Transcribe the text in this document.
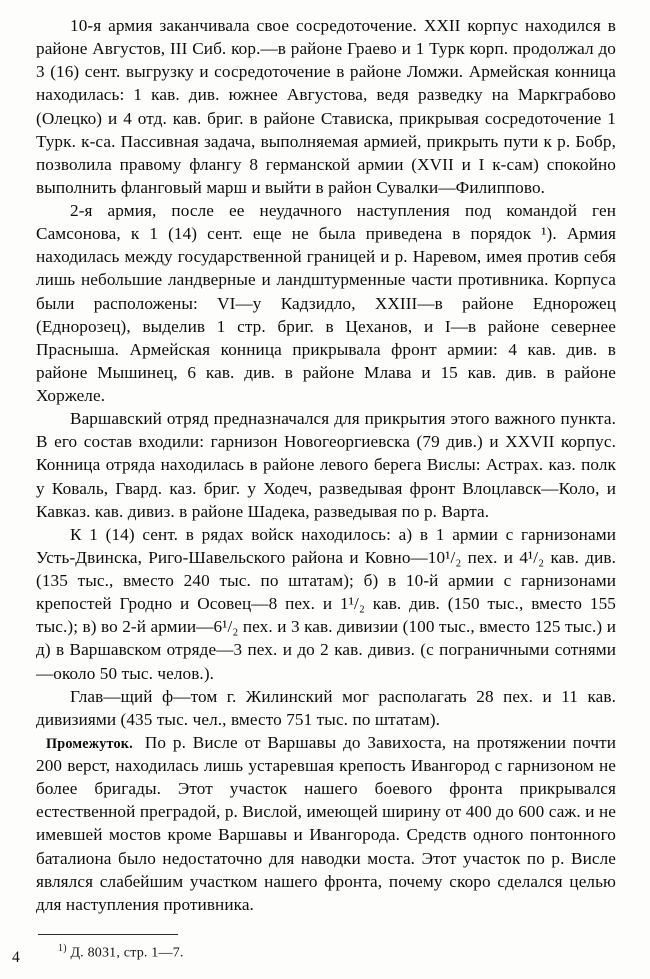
10-я армия заканчивала свое сосредоточение. XXII корпус находился в районе Августов, III Сиб. кор.—в районе Граево и 1 Турк корп. продолжал до 3 (16) сент. выгрузку и сосредоточение в районе Ломжи. Армейская конница находилась: 1 кав. див. южнее Августова, ведя разведку на Маркграбово (Олецко) и 4 отд. кав. бриг. в районе Стависка, прикрывая сосредоточение 1 Турк. к-са. Пассивная задача, выполняемая армией, прикрыть пути к р. Бобр, позволила правому флангу 8 германской армии (XVII и I к-сам) спокойно выполнить фланговый марш и выйти в район Сувалки—Филиппово.

2-я армия, после ее неудачного наступления под командой ген Самсонова, к 1 (14) сент. еще не была приведена в порядок ¹). Армия находилась между государственной границей и р. Наревом, имея против себя лишь небольшие ландверные и ландштурменные части противника. Корпуса были расположены: VI—у Кадзидло, XXIII—в районе Еднорожец (Еднорозец), выделив 1 стр. бриг. в Цеханов, и I—в районе севернее Прасныша. Армейская конница прикрывала фронт армии: 4 кав. див. в районе Мышинец, 6 кав. див. в районе Млава и 15 кав. див. в районе Хоржеле.

Варшавский отряд предназначался для прикрытия этого важного пункта. В его состав входили: гарнизон Новогеоргиевска (79 див.) и XXVII корпус. Конница отряда находилась в районе левого берега Вислы: Астрах. каз. полк у Коваль, Гвард. каз. бриг. у Ходеч, разведывая фронт Влоцлавск—Коло, и Кавказ. кав. дивиз. в районе Шадека, разведывая по р. Варта.

К 1 (14) сент. в рядах войск находилось: а) в 1 армии с гарнизонами Усть-Двинска, Риго-Шавельского района и Ковно—10¹/₂ пех. и 4¹/₂ кав. див. (135 тыс., вместо 240 тыс. по штатам); б) в 10-й армии с гарнизонами крепостей Гродно и Осовец—8 пех. и 1¹/₂ кав. див. (150 тыс., вместо 155 тыс.); в) во 2-й армии—6¹/₂ пех. и 3 кав. дивизии (100 тыс., вместо 125 тыс.) и д) в Варшавском отряде—3 пех. и до 2 кав. дивиз. (с пограничными сотнями—около 50 тыс. челов.).

Глав—щий ф—том г. Жилинский мог располагать 28 пех. и 11 кав. дивизиями (435 тыс. чел., вместо 751 тыс. по штатам).

Промежуток. По р. Висле от Варшавы до Завихоста, на протяжении почти 200 верст, находилась лишь устаревшая крепость Ивангород с гарнизоном не более бригады. Этот участок нашего боевого фронта прикрывался естественной преградой, р. Вислой, имеющей ширину от 400 до 600 саж. и не имевшей мостов кроме Варшавы и Ивангорода. Средств одного понтонного баталиона было недостаточно для наводки моста. Этот участок по р. Висле являлся слабейшим участком нашего фронта, почему скоро сделался целью для наступления противника.

$^{1)}$ Д. 8031, стр. 1—7.
4
